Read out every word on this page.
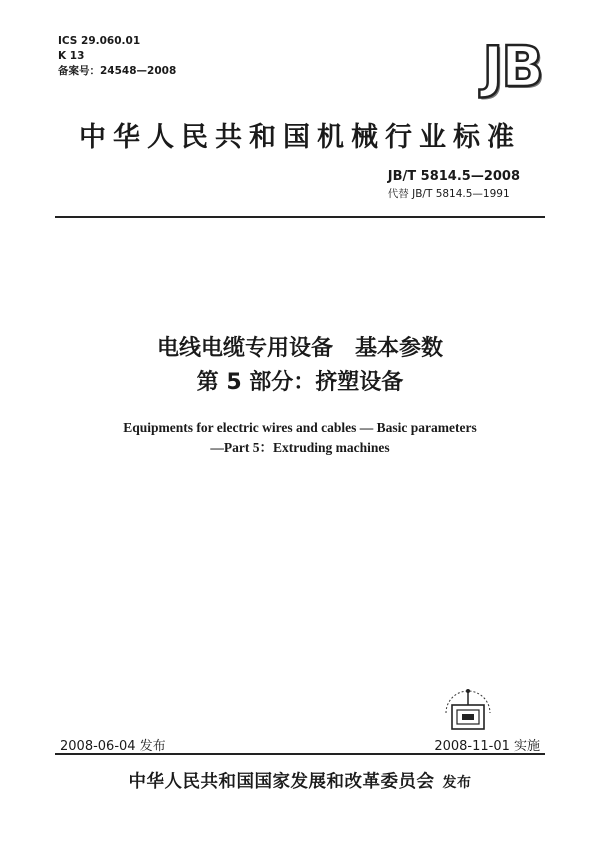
ICS 29.060.01
K 13
备案号：24548—2008	JB
中华人民共和国机械行业标准
JB/T 5814.5—2008
代替 JB/T 5814.5—1991
电线电缆专用设备 基本参数
第 5 部分：挤塑设备
Equipments for electric wires and cables — Basic parameters
—Part 5：Extruding machines
2008-06-04 发布	2008-11-01 实施
中华人民共和国国家发展和改革委员会 发布
